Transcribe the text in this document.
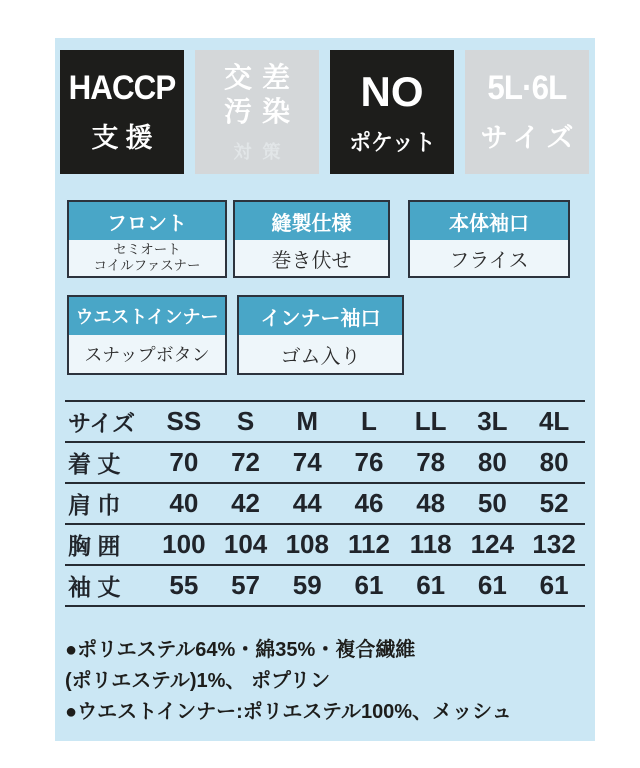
HACCP
支援
交差
汚染
対策
NO
ポケット
5L·6L
サイズ
フロント
セミオート
コイルファスナー
縫製仕様
巻き伏せ
本体袖口
フライス
ウエストインナー
スナップボタン
インナー袖口
ゴム入り
サイズ	SS	S	M	L	LL	3L	4L
着 丈	70	72	74	76	78	80	80
肩 巾	40	42	44	46	48	50	52
胸 囲	100	104	108	112	118	124	132
袖 丈	55	57	59	61	61	61	61
●ポリエステル64%・綿35%・複合繊維
(ポリエステル)1%、 ポプリン
●ウエストインナー:ポリエステル100%、メッシュ
